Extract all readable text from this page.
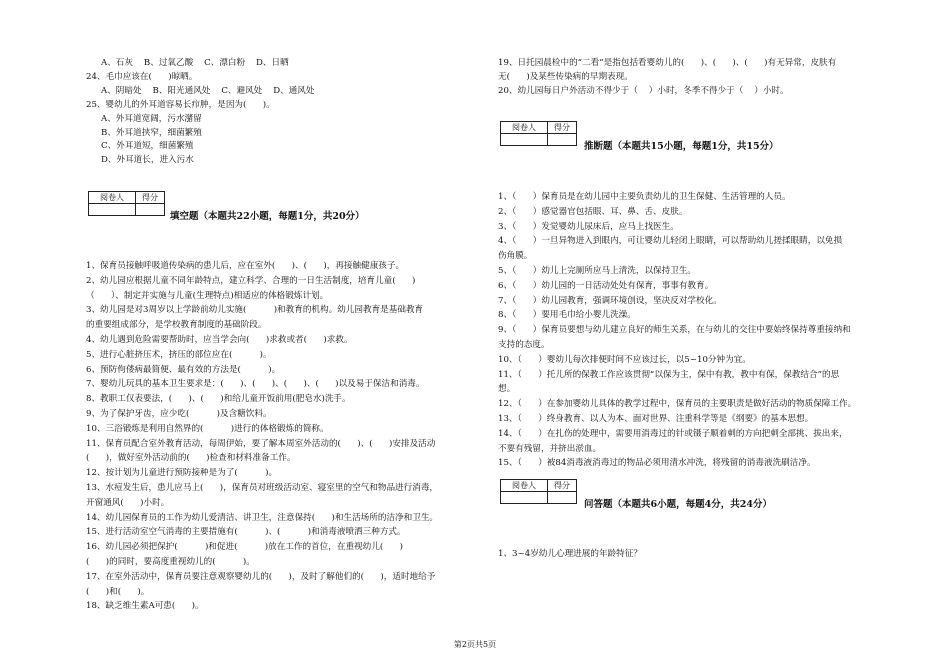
A、石灰    B、过氧乙酸    C、漂白粉    D、日晒
24、毛巾应该在(      )晾晒。
A、阴暗处    B、阳光通风处    C、避风处    D、通风处
25、婴幼儿的外耳道容易长疖肿，是因为(      )。
A、外耳道宽阔，污水潴留
B、外耳道挟窄，细菌繁殖
C、外耳道短，细菌繁殖
D、外耳道长，进入污水
阅卷人	得分

填空题（本题共22小题，每题1分，共20分）
1、保育员接触呼吸道传染病的患儿后，应在室外(      )、(      )，再接触健康孩子。
2、幼儿园应根据儿童不同年龄特点，建立科学、合理的一日生活制度，培育儿童(      )
（      ）、制定并实施与儿童(生理特点)相适应的体格锻炼计划。
3、幼儿园是对3周岁以上学龄前幼儿实施(          )和教育的机构。幼儿园教育是基础教育
的重要组成部分，是学校教育制度的基础阶段。
4、幼儿遇到危险需要帮助时，应当学会向(      )求救或者(      )求救。
5、进行心脏挤压术，挤压的部位应在(          )。
6、预防佝偻病最简便、最有效的方法是(          )。
7、婴幼儿玩具的基本卫生要求是：(      )、(      )、(      )、(      )以及易于保洁和消毒。
8、教职工仅表要法，(      )、(      )和给儿童开饭前用(肥皂水)洗手。
9、为了保护牙齿，应少吃(          )及含糖饮料。
10、三浴锻炼是利用自然界的(          )进行的体格锻炼的简称。
11、保育员配合室外教育活动，每周伊始，要了解本周室外活动的(      )、(      )安排及活动
(      )，做好室外活动前的(      )检查和材料准备工作。
12、按计划为儿童进行预防接种是为了(          )。
13、水痘发生后，患儿应马上(      )，保育员对班级活动室、寝室里的空气和物品进行消毒，
开窗通风(      )小时。
14、幼儿园保育员的工作为幼儿爱清洁、讲卫生，注意保持(      )和生活场所的洁净和卫生。
15、进行活动室空气消毒的主要措施有(          )、(          )和消毒液喷洒三种方式。
16、幼儿园必须把保护(          )和促进(          )放在工作的首位，在重视幼儿(      )
(      )的同时，要高度重视幼儿的(          )。
17、在室外活动中，保育员要注意观察婴幼儿的(      )，及时了解他们的(      )，适时地给予
(      )和(      )。
18、缺乏维生素A可患(      )。
19、日托园晨检中的“二看”是指包括看婴幼儿的(      )、(      )、(      )有无异常，皮肤有
无(      )及某些传染病的早期表现。
20、幼儿园每日户外活动不得少于（    ）小时，冬季不得少于（    ）小时。
阅卷人	得分

推断题（本题共15小题，每题1分，共15分）
1、（      ）保育员是在幼儿园中主要负责幼儿的卫生保健、生活管理的人员。
2、（      ）感觉器官包括眼、耳、鼻、舌、皮肤。
3、（      ）发觉婴幼儿尿床后，应马上找医生。
4、（      ）一旦异物进入到眼内，可让婴幼儿轻闭上眼睛，可以帮助幼儿搓揉眼睛，以免损
伤角膜。
5、（      ）幼儿上完厕所应马上清洗，以保持卫生。
6、（      ）幼儿园的一日活动处处有保育，事事有教育。
7、（      ）幼儿园教育，强调环境创设，坚决反对学校化。
8、（      ）要用毛巾给小婴儿洗澡。
9、（      ）保育员要想与幼儿建立良好的师生关系，在与幼儿的交往中要始终保持尊重接纳和
支持的态度。
10、（      ）婴幼儿每次排便时间不应该过长，以5~10分钟为宜。
11、（      ）托儿所的保教工作应该贯彻“以保为主，保中有教，教中有保，保教结合”的思
想。
12、（      ）在参加婴幼儿具体的教学过程中，保育员的主要职责是做好活动的物质保障工作。
13、（      ）终身教育、以人为本、面对世界、注重科学等是《纲要》的基本思想。
14、（      ）在扎伤的处理中，需要用消毒过的针或镊子顺着刺的方向把刺全部挑、拔出来，
不要有残留，并挤出淤血。
15、（      ）被84消毒液消毒过的物品必须用清水冲洗，将残留的消毒液洗刷洁净。
阅卷人	得分

问答题（本题共6小题，每题4分，共24分）
1、3~4岁幼儿心理进展的年龄特征？
第2页共5页
